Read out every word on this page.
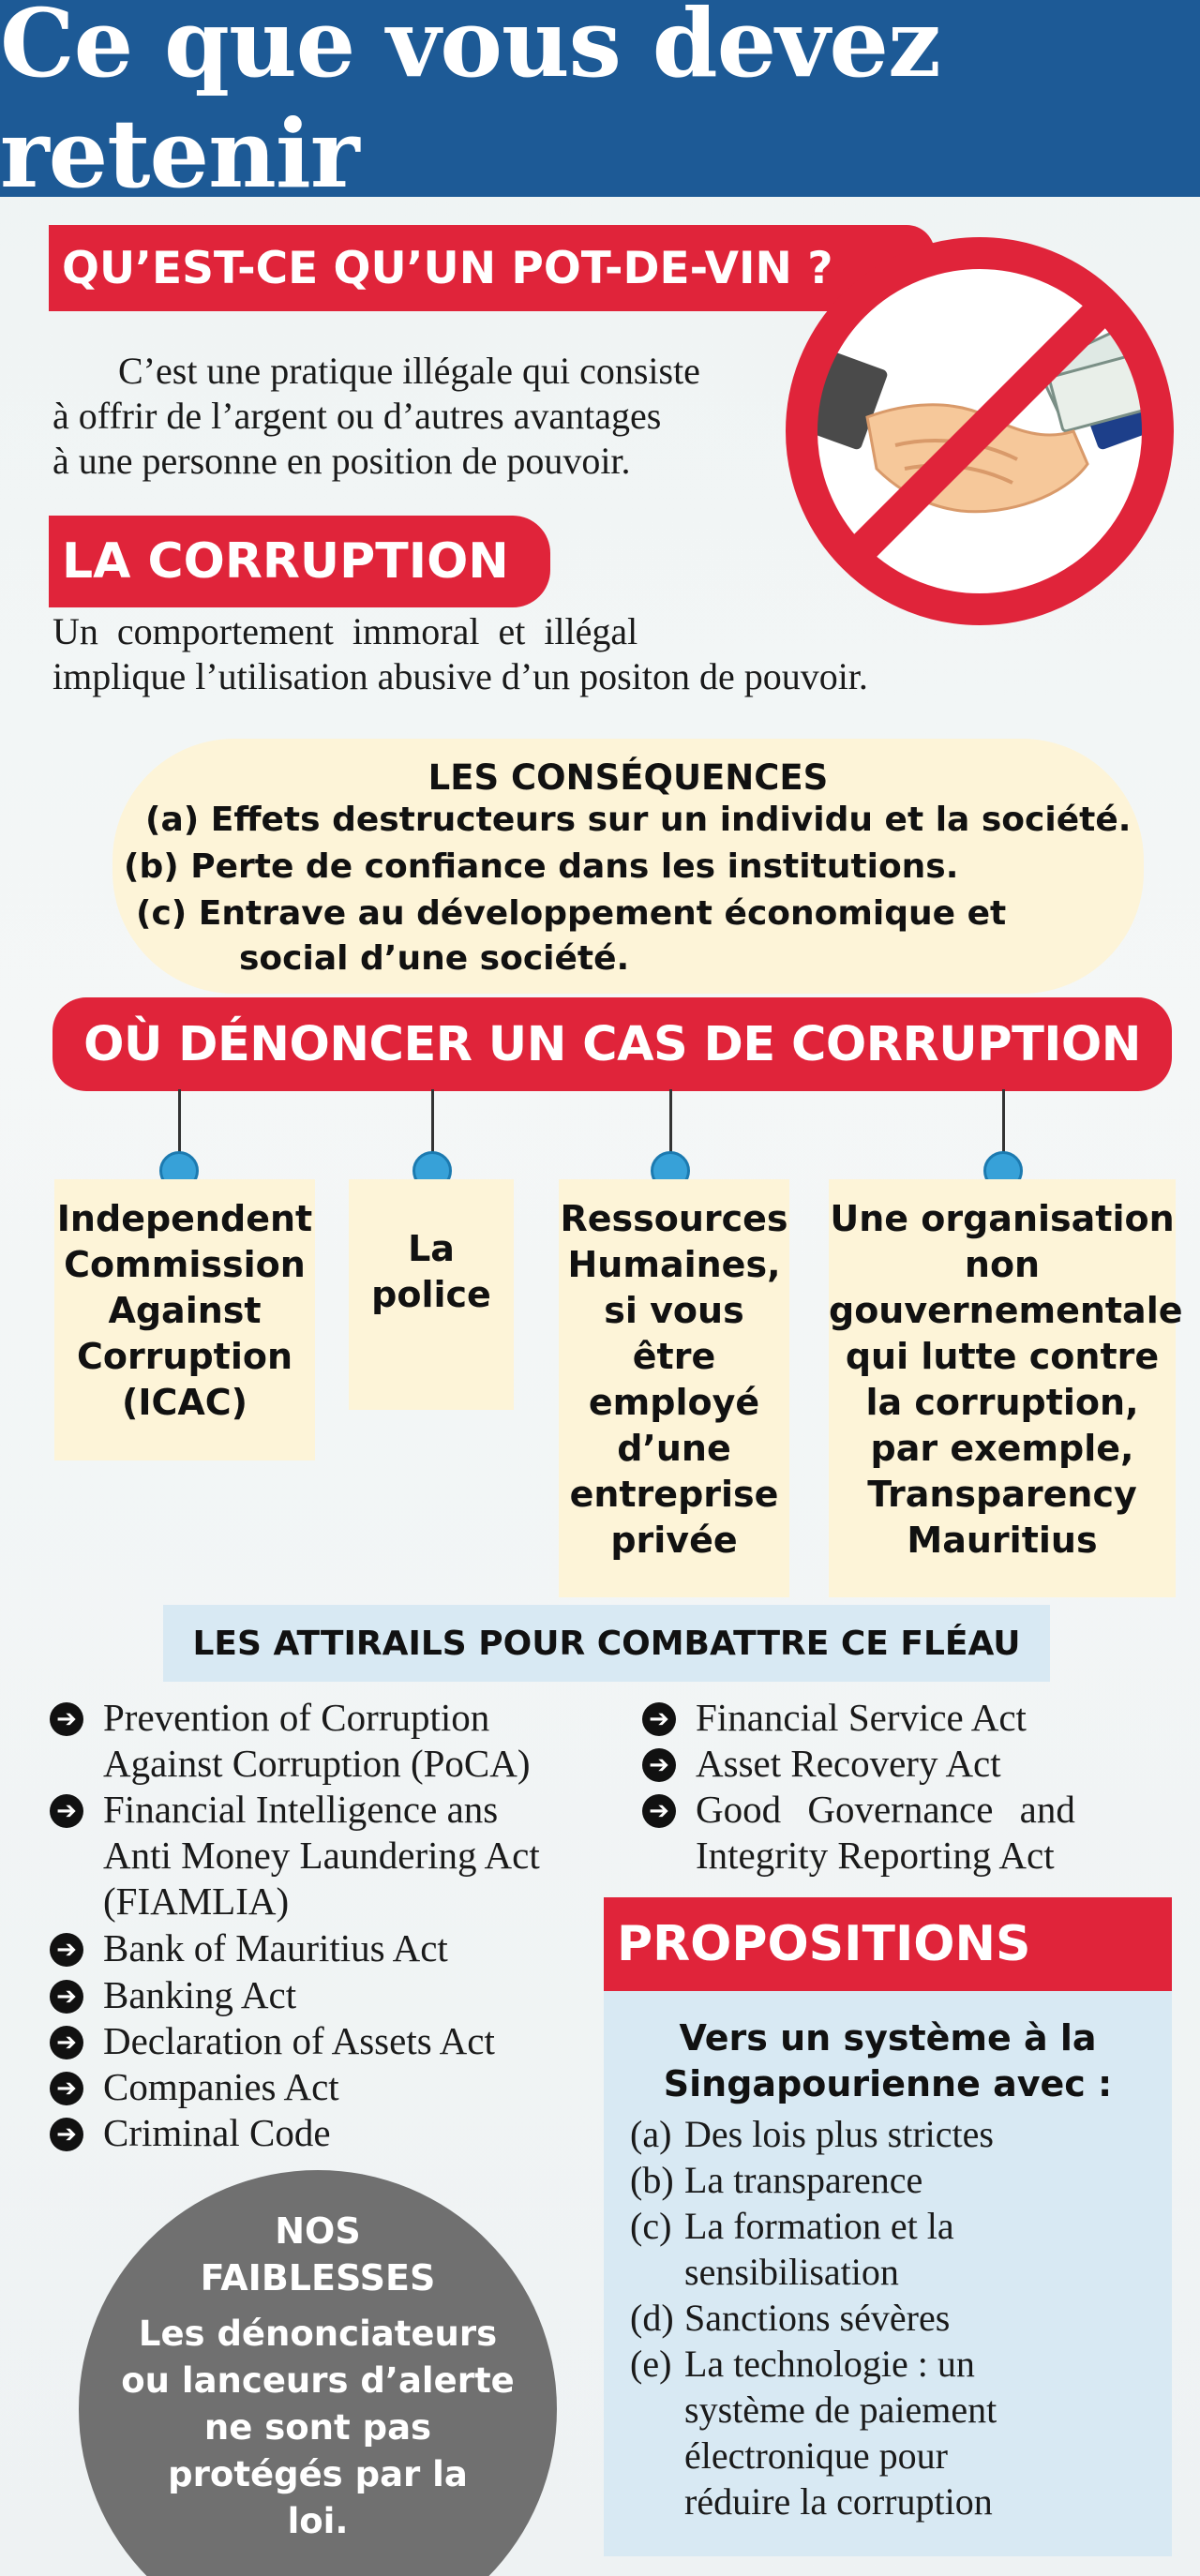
Ce que vous devez retenir
QU’EST-CE QU’UN POT-DE-VIN ?
C’est une pratique illégale qui consiste
à offrir de l’argent ou d’autres avantages
à une personne en position de pouvoir.
LA CORRUPTION
Un comportement immoral et illégal
implique l’utilisation abusive d’un positon de pouvoir.
LES CONSÉQUENCES
(a) Effets destructeurs sur un individu et la société.
(b) Perte de confiance dans les institutions.
(c) Entrave au développement économique et
social d’une société.
OÙ DÉNONCER UN CAS DE CORRUPTION
Independent
Commission
Against
Corruption
(ICAC)
La
police
Ressources
Humaines,
si vous
être
employé
d’une
entreprise
privée
Une organisation
non
gouvernementale
qui lutte contre
la corruption,
par exemple,
Transparency
Mauritius
LES ATTIRAILS POUR COMBATTRE CE FLÉAU
➔ Prevention of Corruption
Against Corruption (PoCA)
➔ Financial Intelligence ans
Anti Money Laundering Act
(FIAMLIA)
➔ Bank of Mauritius Act
➔ Banking Act
➔ Declaration of Assets Act
➔ Companies Act
➔ Criminal Code
➔ Financial Service Act
➔ Asset Recovery Act
➔ Good Governance and
Integrity Reporting Act
PROPOSITIONS
Vers un système à la
Singapourienne avec :
(a) Des lois plus strictes
(b) La transparence
(c) La formation et la
sensibilisation
(d) Sanctions sévères
(e) La technologie : un
système de paiement
électronique pour
réduire la corruption
NOS
FAIBLESSES
Les dénonciateurs
ou lanceurs d’alerte
ne sont pas
protégés par la
loi.
